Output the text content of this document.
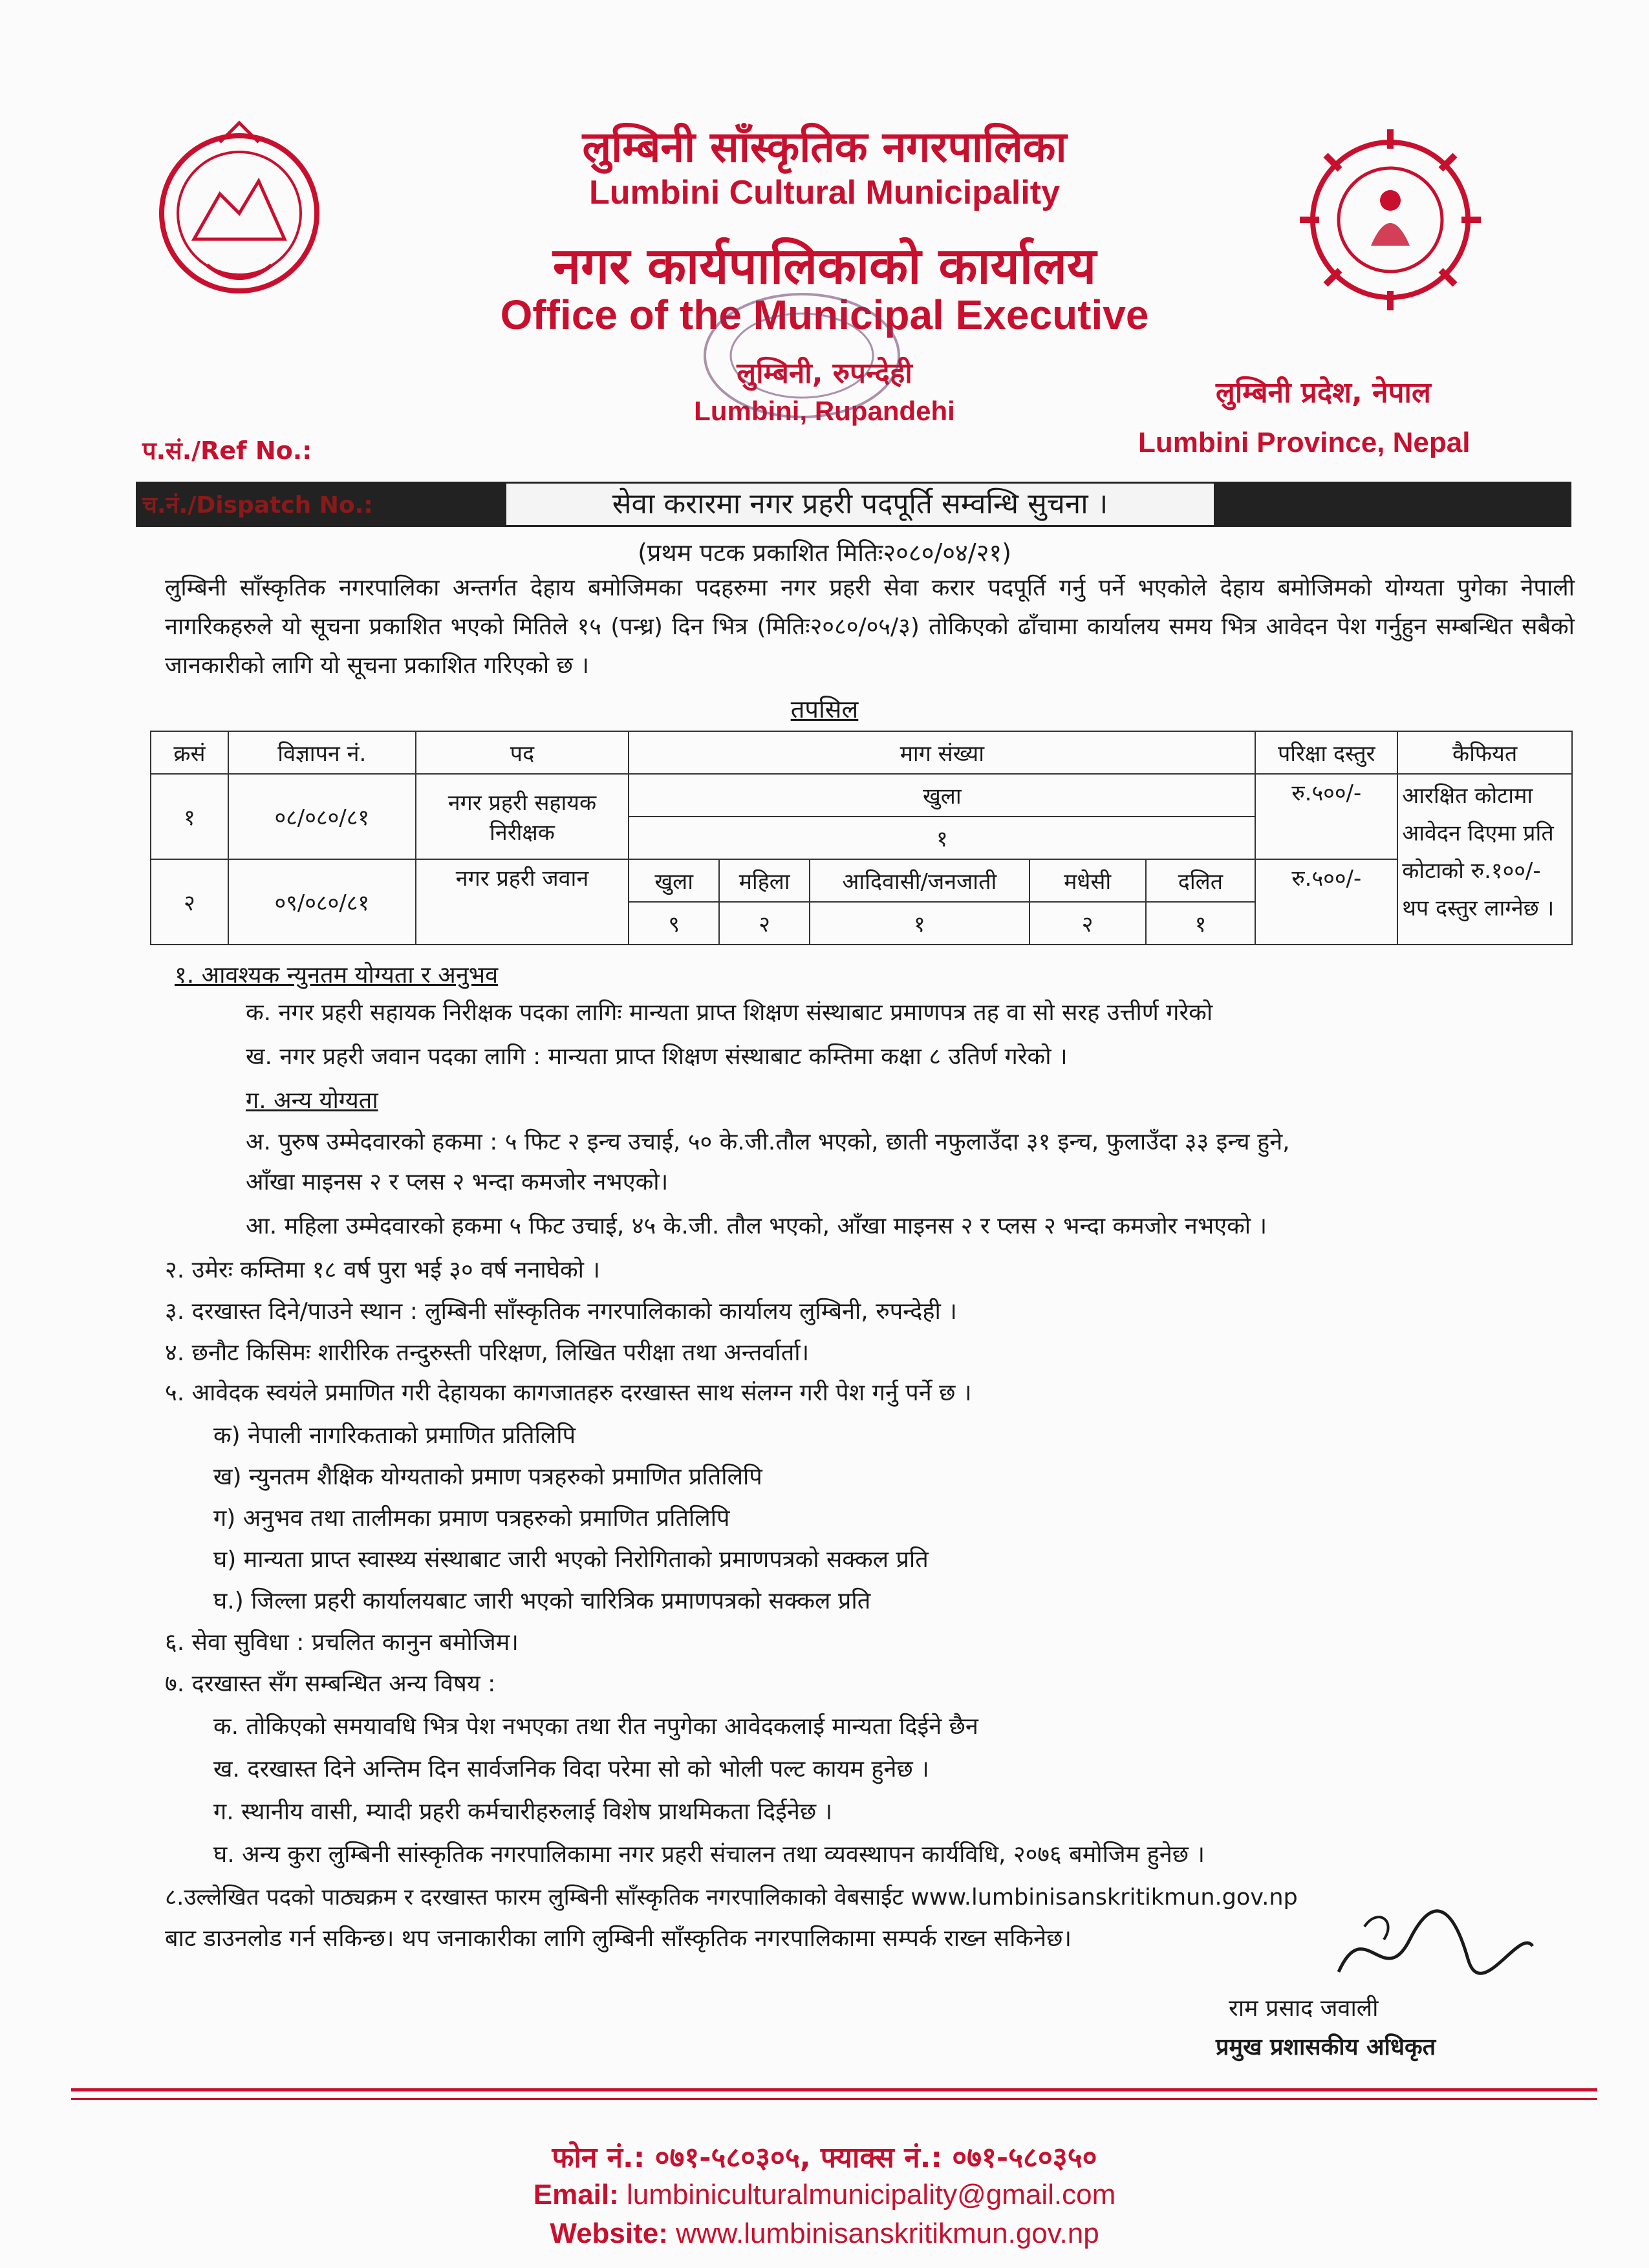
लुम्बिनी साँस्कृतिक नगरपालिका
Lumbini Cultural Municipality
नगर कार्यपालिकाको कार्यालय
Office of the Municipal Executive
लुम्बिनी, रुपन्देही
Lumbini, Rupandehi
लुम्बिनी प्रदेश, नेपाल
Lumbini Province, Nepal
प.सं./Ref No.:
च.नं./Dispatch No.:	सेवा करारमा नगर प्रहरी पदपूर्ति सम्वन्धि सुचना ।
(प्रथम पटक प्रकाशित मितिः२०८०/०४/२१)
लुम्बिनी साँस्कृतिक नगरपालिका अन्तर्गत देहाय बमोजिमका पदहरुमा नगर प्रहरी सेवा करार पदपूर्ति गर्नु पर्ने भएकोले देहाय बमोजिमको योग्यता पुगेका नेपाली नागरिकहरुले यो सूचना प्रकाशित भएको मितिले १५ (पन्ध्र) दिन भित्र (मितिः२०८०/०५/३) तोकिएको ढाँचामा कार्यालय समय भित्र आवेदन पेश गर्नुहुन सम्बन्धित सबैको जानकारीको लागि यो सूचना प्रकाशित गरिएको छ ।
तपसिल
क्रसं	विज्ञापन नं.	पद	माग संख्या					परिक्षा दस्तुर	कैफियत
१	०८/०८०/८१	नगर प्रहरी सहायक निरीक्षक	खुला					रु.५००/-	आरक्षित कोटामा आवेदन दिएमा प्रति कोटाको रु.१००/- थप दस्तुर लाग्नेछ ।
			१						
२	०९/०८०/८१	नगर प्रहरी जवान	खुला	महिला	आदिवासी/जनजाती	मधेसी	दलित	रु.५००/-	
			९	२	१	२	१		
१. आवश्यक न्युनतम योग्यता र अनुभव
क. नगर प्रहरी सहायक निरीक्षक पदका लागिः मान्यता प्राप्त शिक्षण संस्थाबाट प्रमाणपत्र तह वा सो सरह उत्तीर्ण गरेको
ख. नगर प्रहरी जवान पदका लागि : मान्यता प्राप्त शिक्षण संस्थाबाट कम्तिमा कक्षा ८ उतिर्ण गरेको ।
ग. अन्य योग्यता
अ. पुरुष उम्मेदवारको हकमा : ५ फिट २ इन्च उचाई, ५० के.जी.तौल भएको, छाती नफुलाउँदा ३१ इन्च, फुलाउँदा ३३ इन्च हुने,
आँखा माइनस २ र प्लस २ भन्दा कमजोर नभएको।
आ. महिला उम्मेदवारको हकमा ५ फिट उचाई, ४५ के.जी. तौल भएको, आँखा माइनस २ र प्लस २ भन्दा कमजोर नभएको ।
२. उमेरः कम्तिमा १८ वर्ष पुरा भई ३० वर्ष ननाघेको ।
३. दरखास्त दिने/पाउने स्थान : लुम्बिनी साँस्कृतिक नगरपालिकाको कार्यालय लुम्बिनी, रुपन्देही ।
४. छनौट किसिमः शारीरिक तन्दुरुस्ती परिक्षण, लिखित परीक्षा तथा अन्तर्वार्ता।
५. आवेदक स्वयंले प्रमाणित गरी देहायका कागजातहरु दरखास्त साथ संलग्न गरी पेश गर्नु पर्ने छ ।
क) नेपाली नागरिकताको प्रमाणित प्रतिलिपि
ख) न्युनतम शैक्षिक योग्यताको प्रमाण पत्रहरुको प्रमाणित प्रतिलिपि
ग) अनुभव तथा तालीमका प्रमाण पत्रहरुको प्रमाणित प्रतिलिपि
घ) मान्यता प्राप्त स्वास्थ्य संस्थाबाट जारी भएको निरोगिताको प्रमाणपत्रको सक्कल प्रति
घ.) जिल्ला प्रहरी कार्यालयबाट जारी भएको चारित्रिक प्रमाणपत्रको सक्कल प्रति
६. सेवा सुविधा : प्रचलित कानुन बमोजिम।
७. दरखास्त सँग सम्बन्धित अन्य विषय :
क. तोकिएको समयावधि भित्र पेश नभएका तथा रीत नपुगेका आवेदकलाई मान्यता दिईने छैन
ख. दरखास्त दिने अन्तिम दिन सार्वजनिक विदा परेमा सो को भोली पल्ट कायम हुनेछ ।
ग. स्थानीय वासी, म्यादी प्रहरी कर्मचारीहरुलाई विशेष प्राथमिकता दिईनेछ ।
घ. अन्य कुरा लुम्बिनी सांस्कृतिक नगरपालिकामा नगर प्रहरी संचालन तथा व्यवस्थापन कार्यविधि, २०७६ बमोजिम हुनेछ ।
८.उल्लेखित पदको पाठ्यक्रम र दरखास्त फारम लुम्बिनी साँस्कृतिक नगरपालिकाको वेबसाईट www.lumbinisanskritikmun.gov.np
बाट डाउनलोड गर्न सकिन्छ। थप जनाकारीका लागि लुम्बिनी साँस्कृतिक नगरपालिकामा सम्पर्क राख्न सकिनेछ।
राम प्रसाद जवाली
प्रमुख प्रशासकीय अधिकृत
फोन नं.: ०७१-५८०३०५, फ्याक्स नं.: ०७१-५८०३५०
Email: lumbiniculturalmunicipality@gmail.com
Website: www.lumbinisanskritikmun.gov.np
